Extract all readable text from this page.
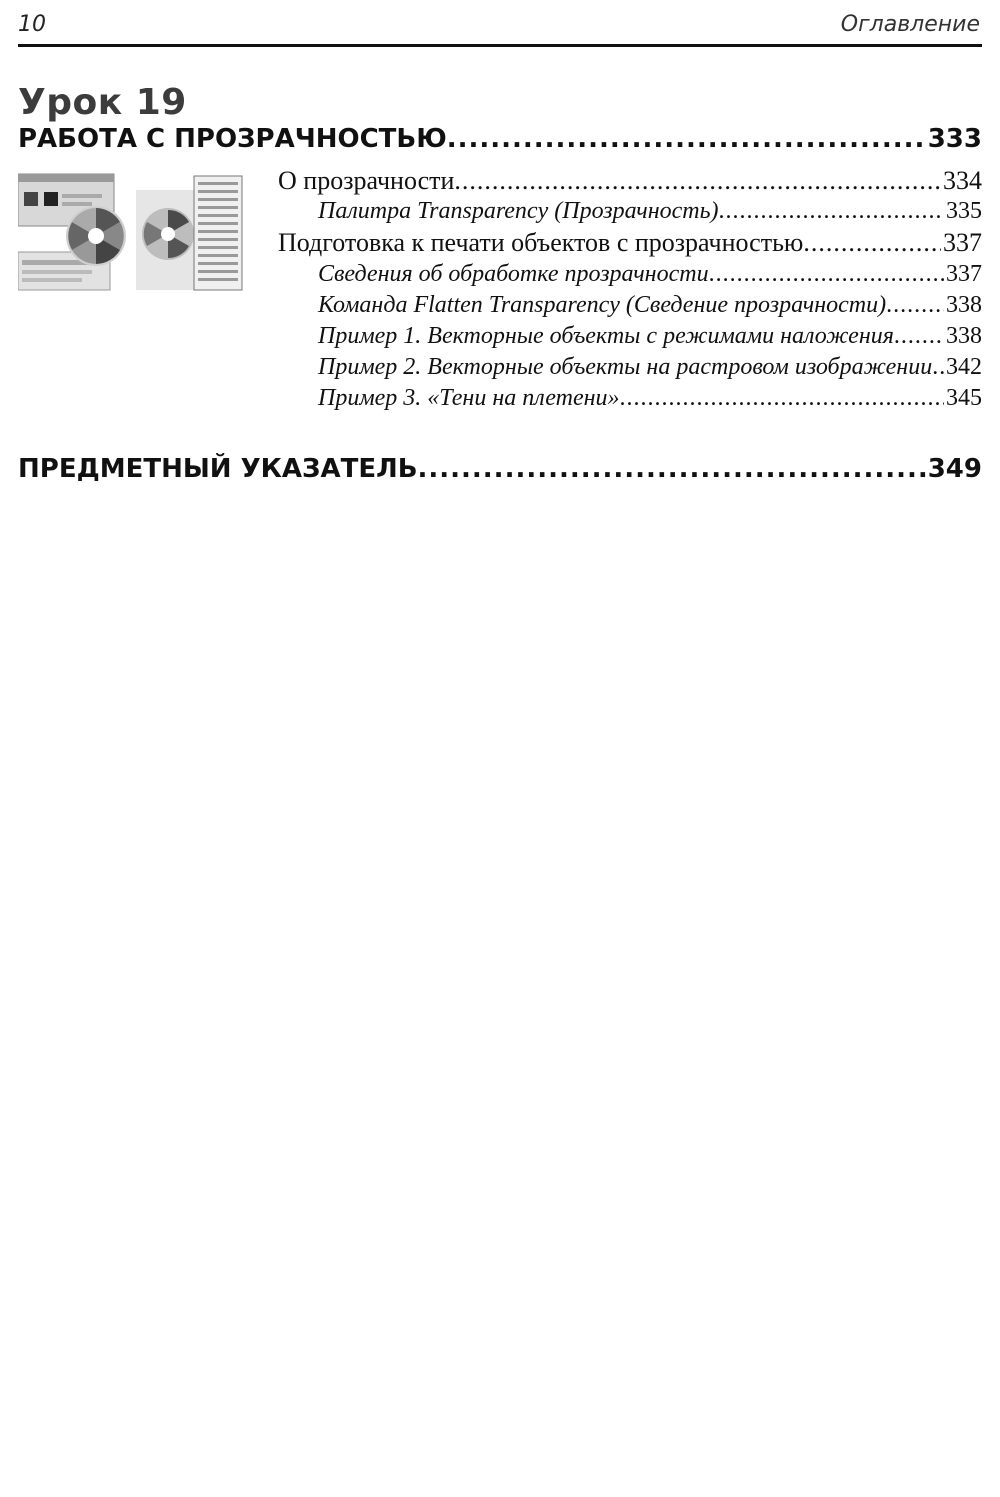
10	Оглавление
Урок 19
РАБОТА С ПРОЗРАЧНОСТЬЮ .....	333
О прозрачности .....	334
Палитра Transparency (Прозрачность) .....	335
Подготовка к печати объектов с прозрачностью .....	337
Сведения об обработке прозрачности .....	337
Команда Flatten Transparency (Сведение прозрачности) ..... 338
Пример 1. Векторные объекты с режимами наложения ..... 338
Пример 2. Векторные объекты на растровом изображении ..... 342
Пример 3. «Тени на плетени» .....	345
ПРЕДМЕТНЫЙ УКАЗАТЕЛЬ .....	349
